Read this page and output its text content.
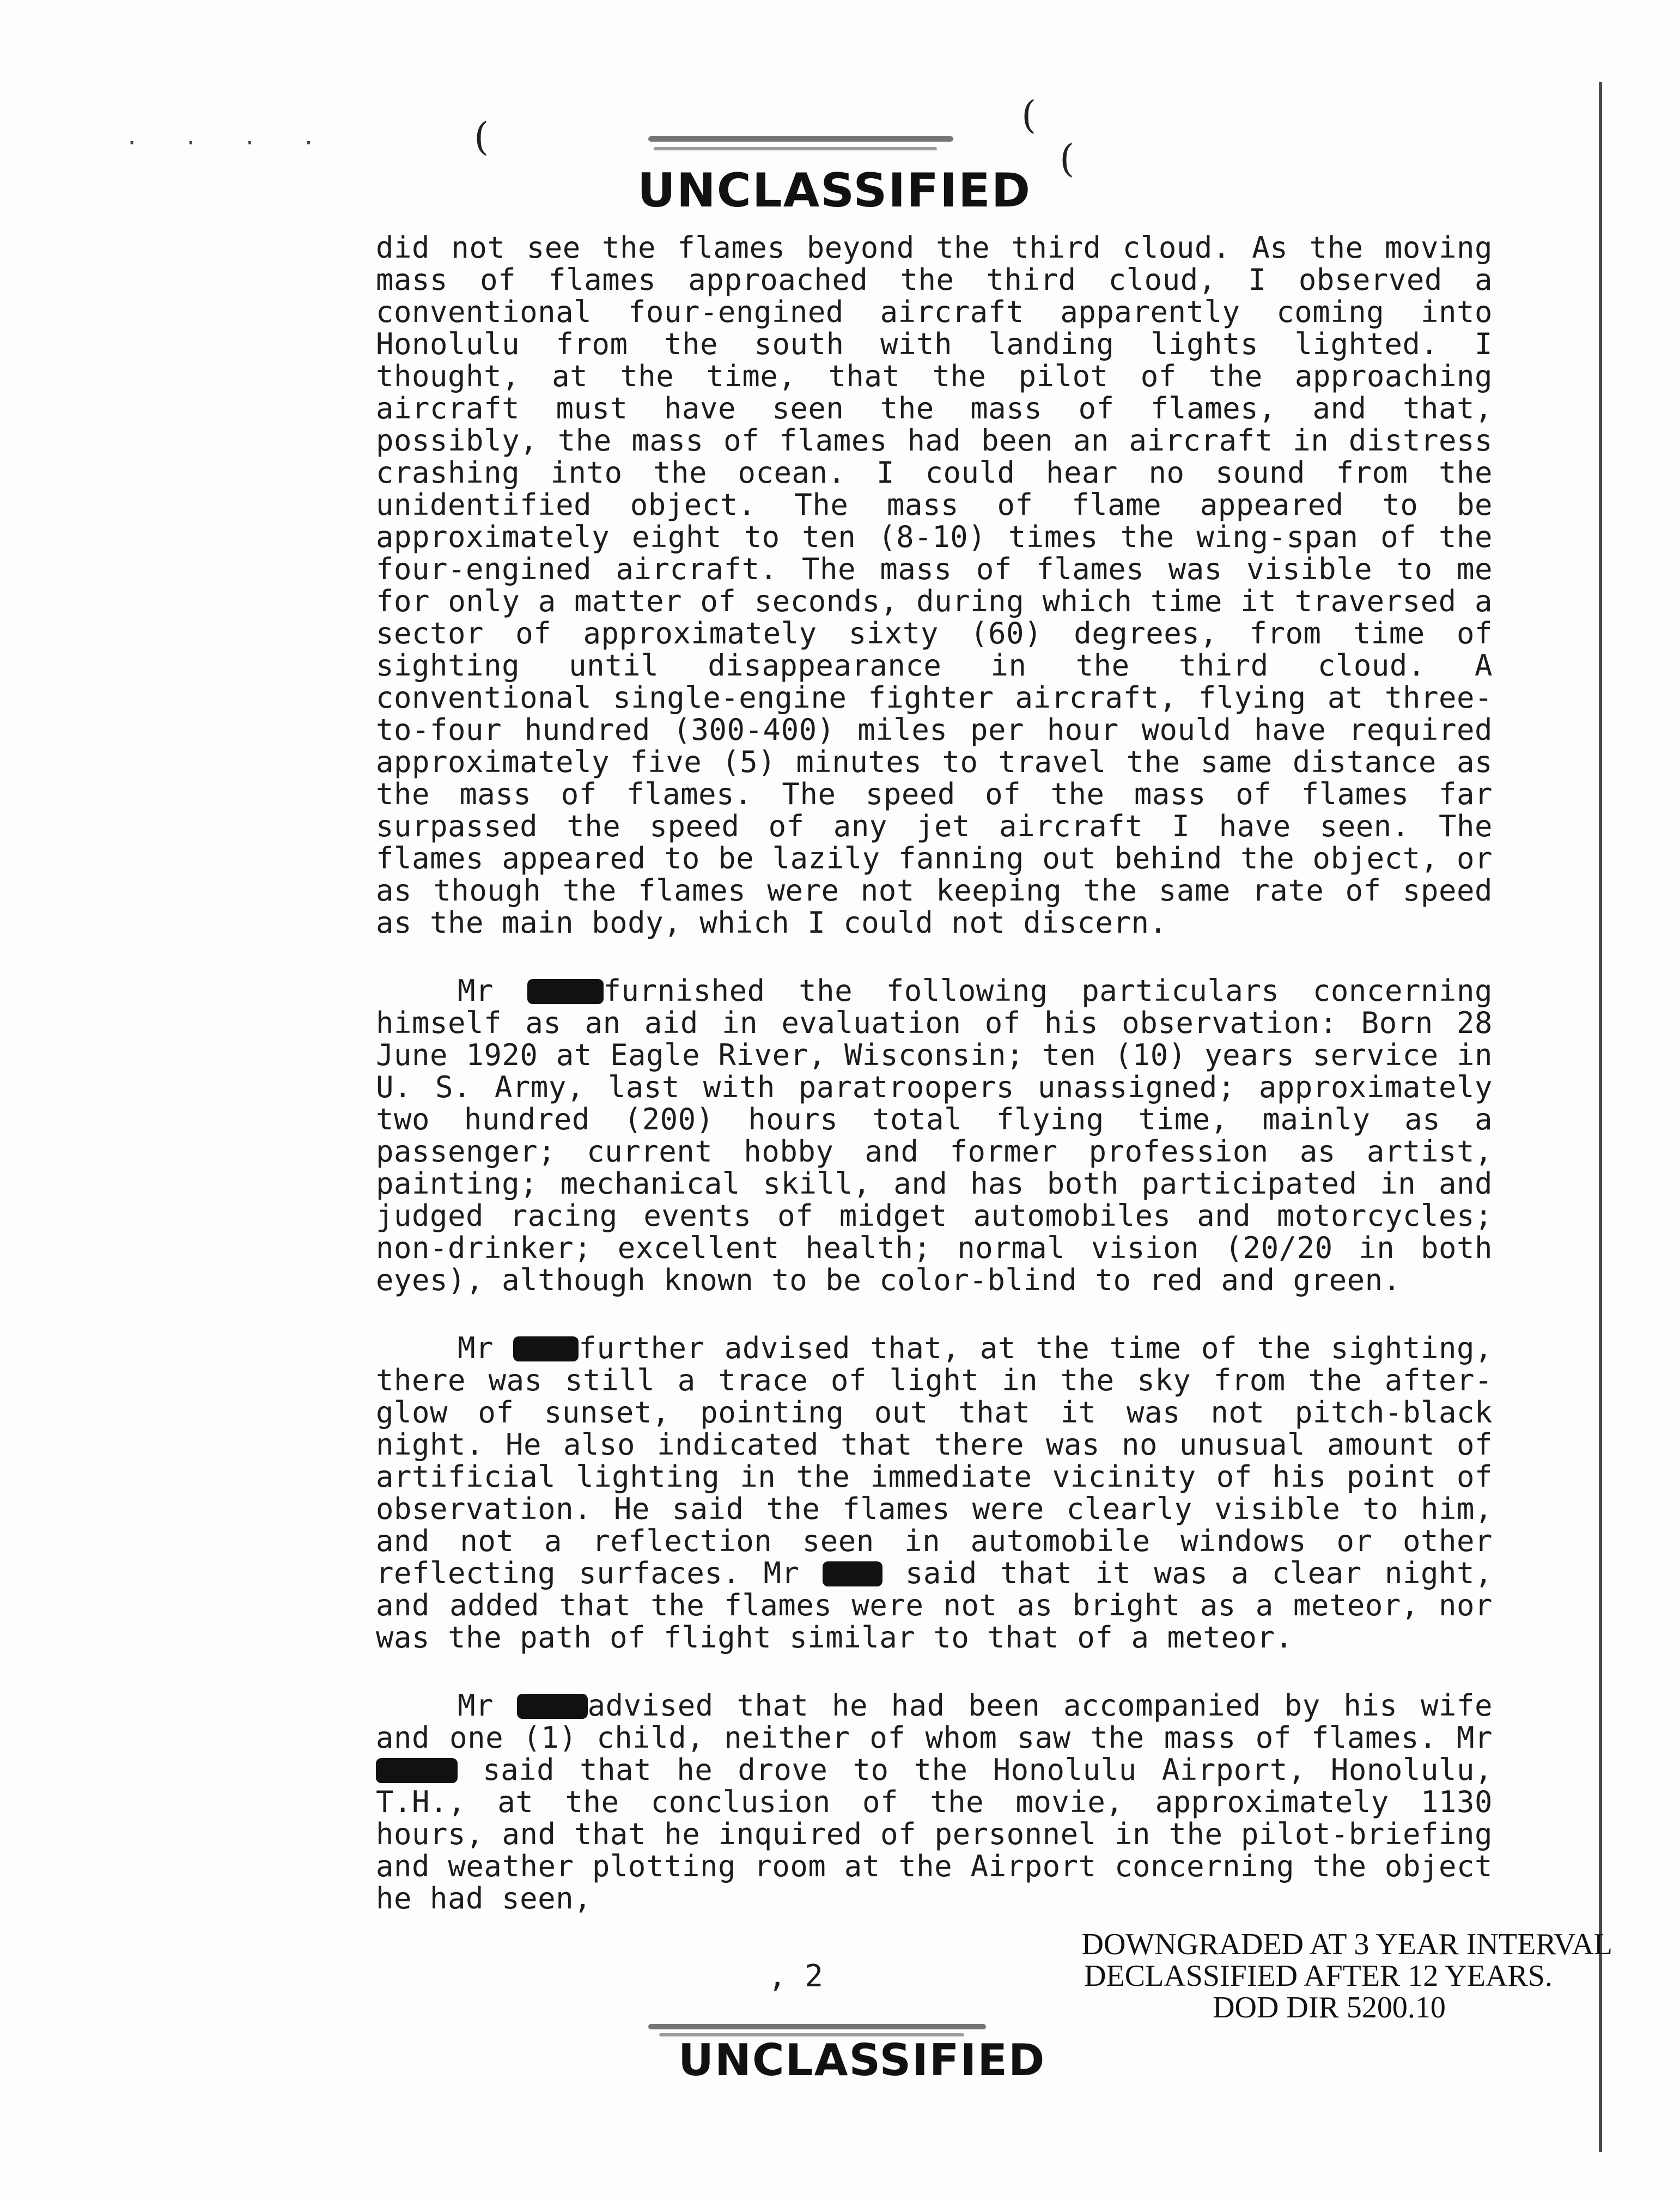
· · · ·	(	(
(
UNCLASSIFIED

did not see the flames beyond the third cloud. As the moving mass of flames approached the third cloud, I observed a conventional four-engined aircraft apparently coming into Honolulu from the south with landing lights lighted. I thought, at the time, that the pilot of the approaching aircraft must have seen the mass of flames, and that, possibly, the mass of flames had been an aircraft in distress crashing into the ocean. I could hear no sound from the unidentified object. The mass of flame appeared to be approximately eight to ten (8-10) times the wing-span of the four-engined aircraft. The mass of flames was visible to me for only a matter of seconds, during which time it traversed a sector of approximately sixty (60) degrees, from time of sighting until disappearance in the third cloud. A conventional single-engine fighter aircraft, flying at three-to-four hundred (300-400) miles per hour would have required approximately five (5) minutes to travel the same distance as the mass of flames. The speed of the mass of flames far surpassed the speed of any jet aircraft I have seen. The flames appeared to be lazily fanning out behind the object, or as though the flames were not keeping the same rate of speed as the main body, which I could not discern.

Mr	furnished the following particulars concerning himself as an aid in evaluation of his observation: Born 28 June 1920 at Eagle River, Wisconsin; ten (10) years service in U. S. Army, last with paratroopers unassigned; approximately two hundred (200) hours total flying time, mainly as a passenger; current hobby and former profession as artist, painting; mechanical skill, and has both participated in and judged racing events of midget automobiles and motorcycles; non-drinker; excellent health; normal vision (20/20 in both eyes), although known to be color-blind to red and green.

Mr	further advised that, at the time of the sighting, there was still a trace of light in the sky from the after-glow of sunset, pointing out that it was not pitch-black night. He also indicated that there was no unusual amount of artificial lighting in the immediate vicinity of his point of observation. He said the flames were clearly visible to him, and not a reflection seen in automobile windows or other reflecting surfaces. Mr	said that it was a clear night, and added that the flames were not as bright as a meteor, nor was the path of flight similar to that of a meteor.

Mr	advised that he had been accompanied by his wife and one (1) child, neither of whom saw the mass of flames. Mr  said that he drove to the Honolulu Airport, Honolulu, T.H., at the conclusion of the movie, approximately 1130 hours, and that he inquired of personnel in the pilot-briefing and weather plotting room at the Airport concerning the object he had seen,

, 2
DOWNGRADED AT 3 YEAR INTERVAL
DECLASSIFIED AFTER 12 YEARS.
DOD DIR 5200.10
UNCLASSIFIED
